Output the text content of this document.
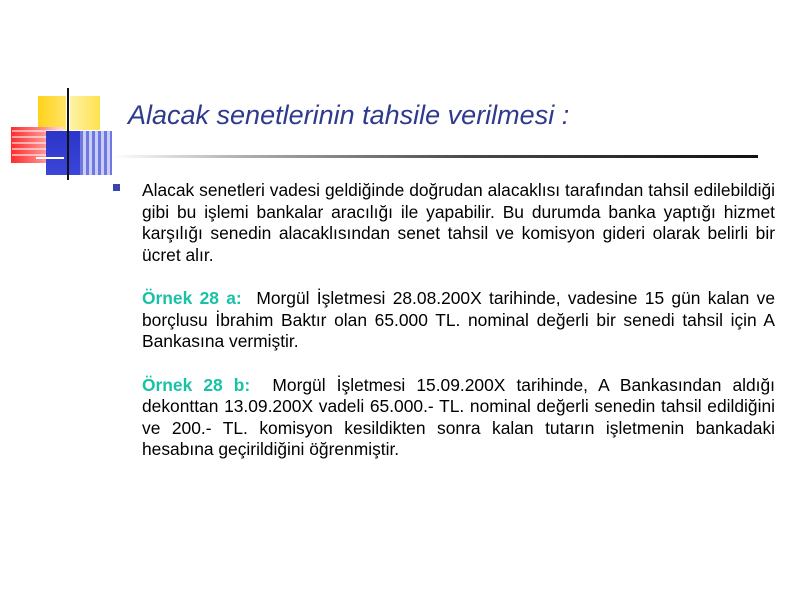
Alacak senetlerinin tahsile verilmesi :

Alacak senetleri vadesi geldiğinde doğrudan alacaklısı tarafından tahsil edilebildiği gibi bu işlemi bankalar aracılığı ile yapabilir. Bu durumda banka yaptığı hizmet karşılığı senedin alacaklısından senet tahsil ve komisyon gideri olarak belirli bir ücret alır.

Örnek 28 a: Morgül İşletmesi 28.08.200X tarihinde, vadesine 15 gün kalan ve borçlusu İbrahim Baktır olan 65.000 TL. nominal değerli bir senedi tahsil için A Bankasına vermiştir.

Örnek 28 b: Morgül İşletmesi 15.09.200X tarihinde, A Bankasından aldığı dekonttan 13.09.200X vadeli 65.000.- TL. nominal değerli senedin tahsil edildiğini ve 200.- TL. komisyon kesildikten sonra kalan tutarın işletmenin bankadaki hesabına geçirildiğini öğrenmiştir.
